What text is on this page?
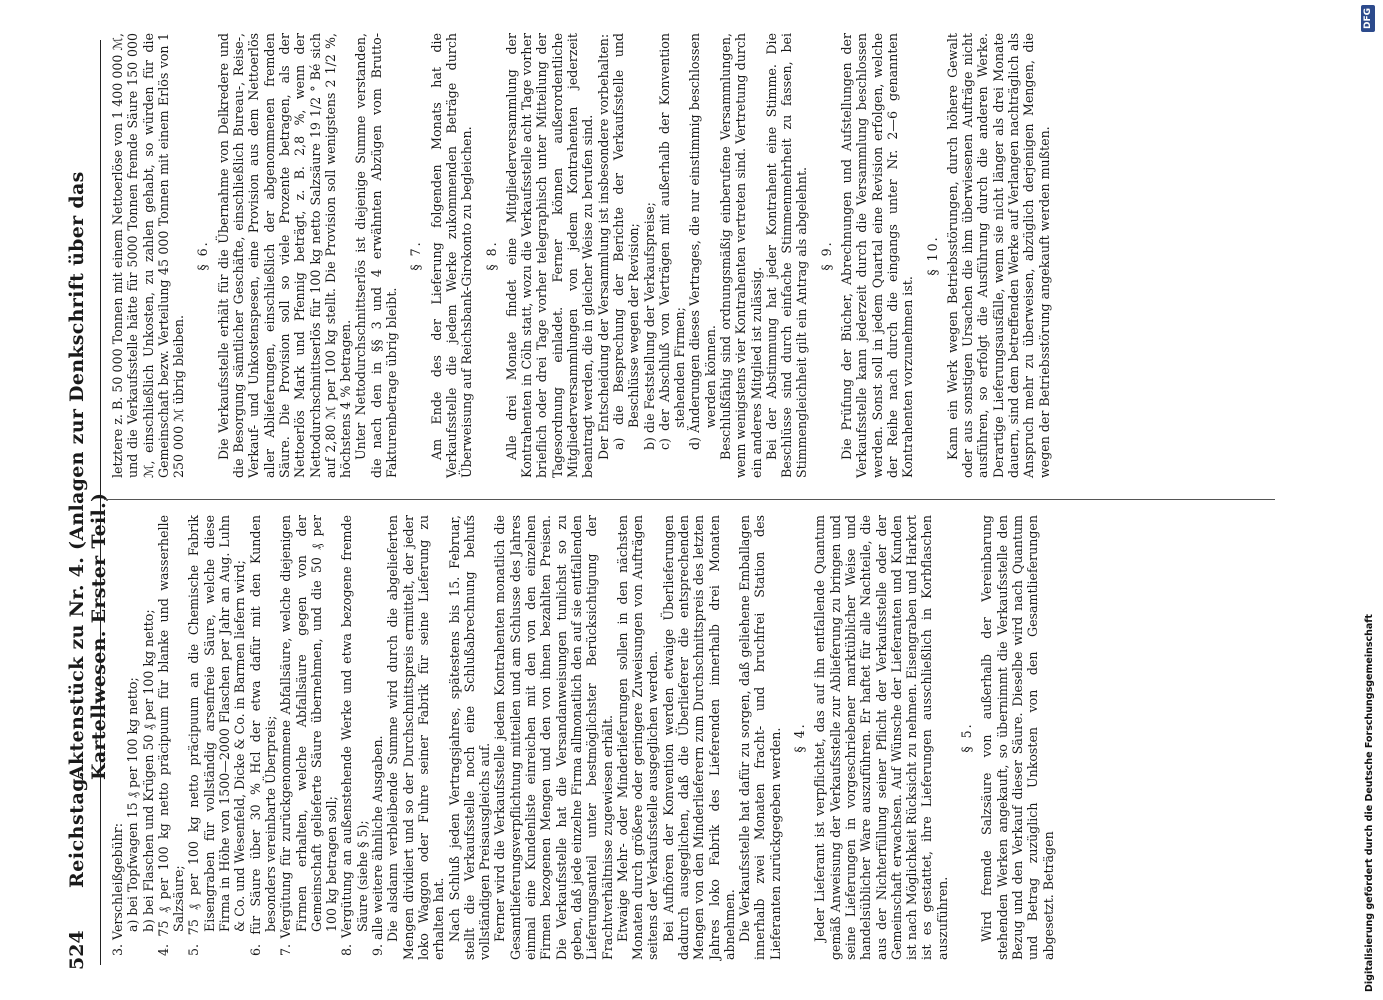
524
Reichstag.
Aktenstück zu Nr. 4. (Anlagen zur Denkschrift über das Kartellwesen. Erster Teil.)

3. Verschleißgebühr: a) bei Topfwagen 15 ₰ per 100 kg netto; b) bei Flaschen und Krügen 50 ₰ per 100 kg netto; 4. 75 ₰ per 100 kg netto präcipuum für blanke und wasserhelle Salzsäure; 5. 75 ₰ per 100 kg netto präcipuum an die Chemische Fabrik Eisengraben für vollständig arsenfreie Säure, welche diese Firma in Höhe von 1500—2000 Flaschen per Jahr an Aug. Luhn & Co. und Wesenfeld, Dicke & Co. in Barmen liefern wird; 6. für Säure über 30 % Hcl der etwa dafür mit den Kunden besonders vereinbarte Überpreis; 7. Vergütung für zurückgenommene Abfallsäure, welche diejenigen Firmen erhalten, welche Abfallsäure gegen von der Gemeinschaft gelieferte Säure übernehmen, und die 50 ₰ per 100 kg betragen soll; 8. Vergütung an außenstehende Werke und etwa bezogene fremde Säure (siehe § 5); 9. alle weitere ähnliche Ausgaben. Die alsdann verbleibende Summe wird durch die abgelieferten Mengen dividiert und so der Durchschnittspreis ermittelt, der jeder loko Waggon oder Fuhre seiner Fabrik für seine Lieferung zu erhalten hat. Nach Schluß jeden Vertragsjahres, spätestens bis 15. Februar, stellt die Verkaufsstelle noch eine Schlußabrechnung behufs vollständigen Preisausgleichs auf. Ferner wird die Verkaufsstelle jedem Kontrahenten monatlich die Gesamtlieferungsverpflichtung mitteilen und am Schlusse des Jahres einmal eine Kundenliste einreichen mit den von den einzelnen Firmen bezogenen Mengen und den von ihnen bezahlten Preisen. Die Verkaufsstelle hat die Versandanweisungen tunlichst so zu geben, daß jede einzelne Firma allmonatlich den auf sie entfallenden Lieferungsanteil unter bestmöglichster Berücksichtigung der Frachtverhältnisse zugewiesen erhält. Etwaige Mehr- oder Minderlieferungen sollen in den nächsten Monaten durch größere oder geringere Zuweisungen von Aufträgen seitens der Verkaufsstelle ausgeglichen werden. Bei Aufhören der Konvention werden etwaige Überlieferungen dadurch ausgeglichen, daß die Überlieferer die entsprechenden Mengen von den Minderlieferern zum Durchschnittspreis des letzten Jahres loko Fabrik des Lieferenden innerhalb drei Monaten abnehmen. Die Verkaufsstelle hat dafür zu sorgen, daß geliehene Emballagen innerhalb zwei Monaten fracht- und bruchfrei Station des Lieferanten zurückgegeben werden. § 4. Jeder Lieferant ist verpflichtet, das auf ihn entfallende Quantum gemäß Anweisung der Verkaufsstelle zur Ablieferung zu bringen und seine Lieferungen in vorgeschriebener marktüblicher Weise und handelsüblicher Ware auszuführen. Er haftet für alle Nachteile, die aus der Nichterfüllung seiner Pflicht der Verkaufsstelle oder der Gemeinschaft erwachsen. Auf Wünsche der Lieferanten und Kunden ist nach Möglichkeit Rücksicht zu nehmen. Eisengraben und Harkort ist es gestattet, ihre Lieferungen ausschließlich in Korbflaschen auszuführen.

§ 5. Wird fremde Salzsäure von außerhalb der Vereinbarung stehenden Werken angekauft, so übernimmt die Verkaufsstelle den Bezug und den Verkauf dieser Säure. Dieselbe wird nach Quantum und Betrag zuzüglich Unkosten von den Gesamtlieferungen abgesetzt. Beträgen

letztere z. B. 50 000 Tonnen mit einem Nettoerlöse von 1 400 000 ℳ, und die Verkaufsstelle hätte für 5000 Tonnen fremde Säure 150 000 ℳ, einschließlich Unkosten, zu zahlen gehabt, so würden für die Gemeinschaft bezw. Verteilung 45 000 Tonnen mit einem Erlös von 1 250 000 ℳ übrig bleiben.

§ 6. Die Verkaufsstelle erhält für die Übernahme von Delkredere und die Besorgung sämtlicher Geschäfte, einschließlich Bureau-, Reise-, Verkauf- und Unkostenspesen, eine Provision aus dem Nettoerlös aller Ablieferungen, einschließlich der abgenommenen fremden Säure. Die Provision soll so viele Prozente betragen, als der Nettoerlös Mark und Pfennig beträgt, z. B. 2,8 %, wenn der Nettodurchschnittserlös für 100 kg netto Salzsäure 19 1/2 ° Bé sich auf 2,80 ℳ per 100 kg stellt. Die Provision soll wenigstens 2 1/2 %, höchstens 4 % betragen. Unter Nettodurchschnittserlös ist diejenige Summe verstanden, die nach den in §§ 3 und 4 erwähnten Abzügen vom Brutto-Fakturenbetrage übrig bleibt.

§ 7. Am Ende des der Lieferung folgenden Monats hat die Verkaufsstelle die jedem Werke zukommenden Beträge durch Überweisung auf Reichsbank-Girokonto zu begleichen. § 8. Alle drei Monate findet eine Mitgliederversammlung der Kontrahenten in Cöln statt, wozu die Verkaufsstelle acht Tage vorher brieflich oder drei Tage vorher telegraphisch unter Mitteilung der Tagesordnung einladet. Ferner können außerordentliche Mitgliederversammlungen von jedem Kontrahenten jederzeit beantragt werden, die in gleicher Weise zu berufen sind. Der Entscheidung der Versammlung ist insbesondere vorbehalten: a) die Besprechung der Berichte der Verkaufsstelle und Beschlüsse wegen der Revision; b) die Feststellung der Verkaufspreise; c) der Abschluß von Verträgen mit außerhalb der Konvention stehenden Firmen; d) Änderungen dieses Vertrages, die nur einstimmig beschlossen werden können. Beschlußfähig sind ordnungsmäßig einberufene Versammlungen, wenn wenigstens vier Kontrahenten vertreten sind. Vertretung durch ein anderes Mitglied ist zulässig. Bei der Abstimmung hat jeder Kontrahent eine Stimme. Die Beschlüsse sind durch einfache Stimmenmehrheit zu fassen, bei Stimmengleichheit gilt ein Antrag als abgelehnt. § 9. Die Prüfung der Bücher, Abrechnungen und Aufstellungen der Verkaufsstelle kann jederzeit durch die Versammlung beschlossen werden. Sonst soll in jedem Quartal eine Revision erfolgen, welche der Reihe nach durch die eingangs unter Nr. 2—6 genannten Kontrahenten vorzunehmen ist.

§ 10. Kann ein Werk wegen Betriebsstörungen, durch höhere Gewalt oder aus sonstigen Ursachen die ihm überwiesenen Aufträge nicht ausführen, so erfolgt die Ausführung durch die anderen Werke. Derartige Lieferungsausfälle, wenn sie nicht länger als drei Monate dauern, sind dem betreffenden Werke auf Verlangen nachträglich als Anspruch mehr zu überweisen, abzüglich derjenigen Mengen, die wegen der Betriebsstörung angekauft werden mußten.

Digitalisierung gefördert durch die Deutsche Forschungsgemeinschaft
DFG
